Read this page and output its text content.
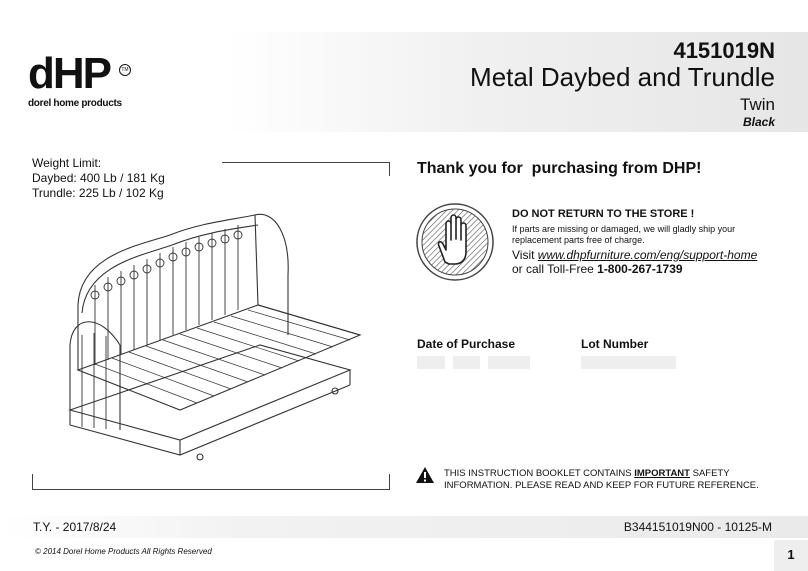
dHP	TM
dorel home products
4151019N
Metal Daybed and Trundle
Twin
Black
Weight Limit:
Daybed: 400 Lb / 181 Kg
Trundle: 225 Lb / 102 Kg
Thank you for  purchasing from DHP!
DO NOT RETURN TO THE STORE !
If parts are missing or damaged, we will gladly ship your replacement parts free of charge.
Visit www.dhpfurniture.com/eng/support-home
or call Toll-Free 1-800-267-1739
Date of Purchase	Lot Number
THIS INSTRUCTION BOOKLET CONTAINS IMPORTANT SAFETY INFORMATION. PLEASE READ AND KEEP FOR FUTURE REFERENCE.
T.Y. - 2017/8/24	B344151019N00 - 10125-M
© 2014 Dorel Home Products All Rights Reserved	1
